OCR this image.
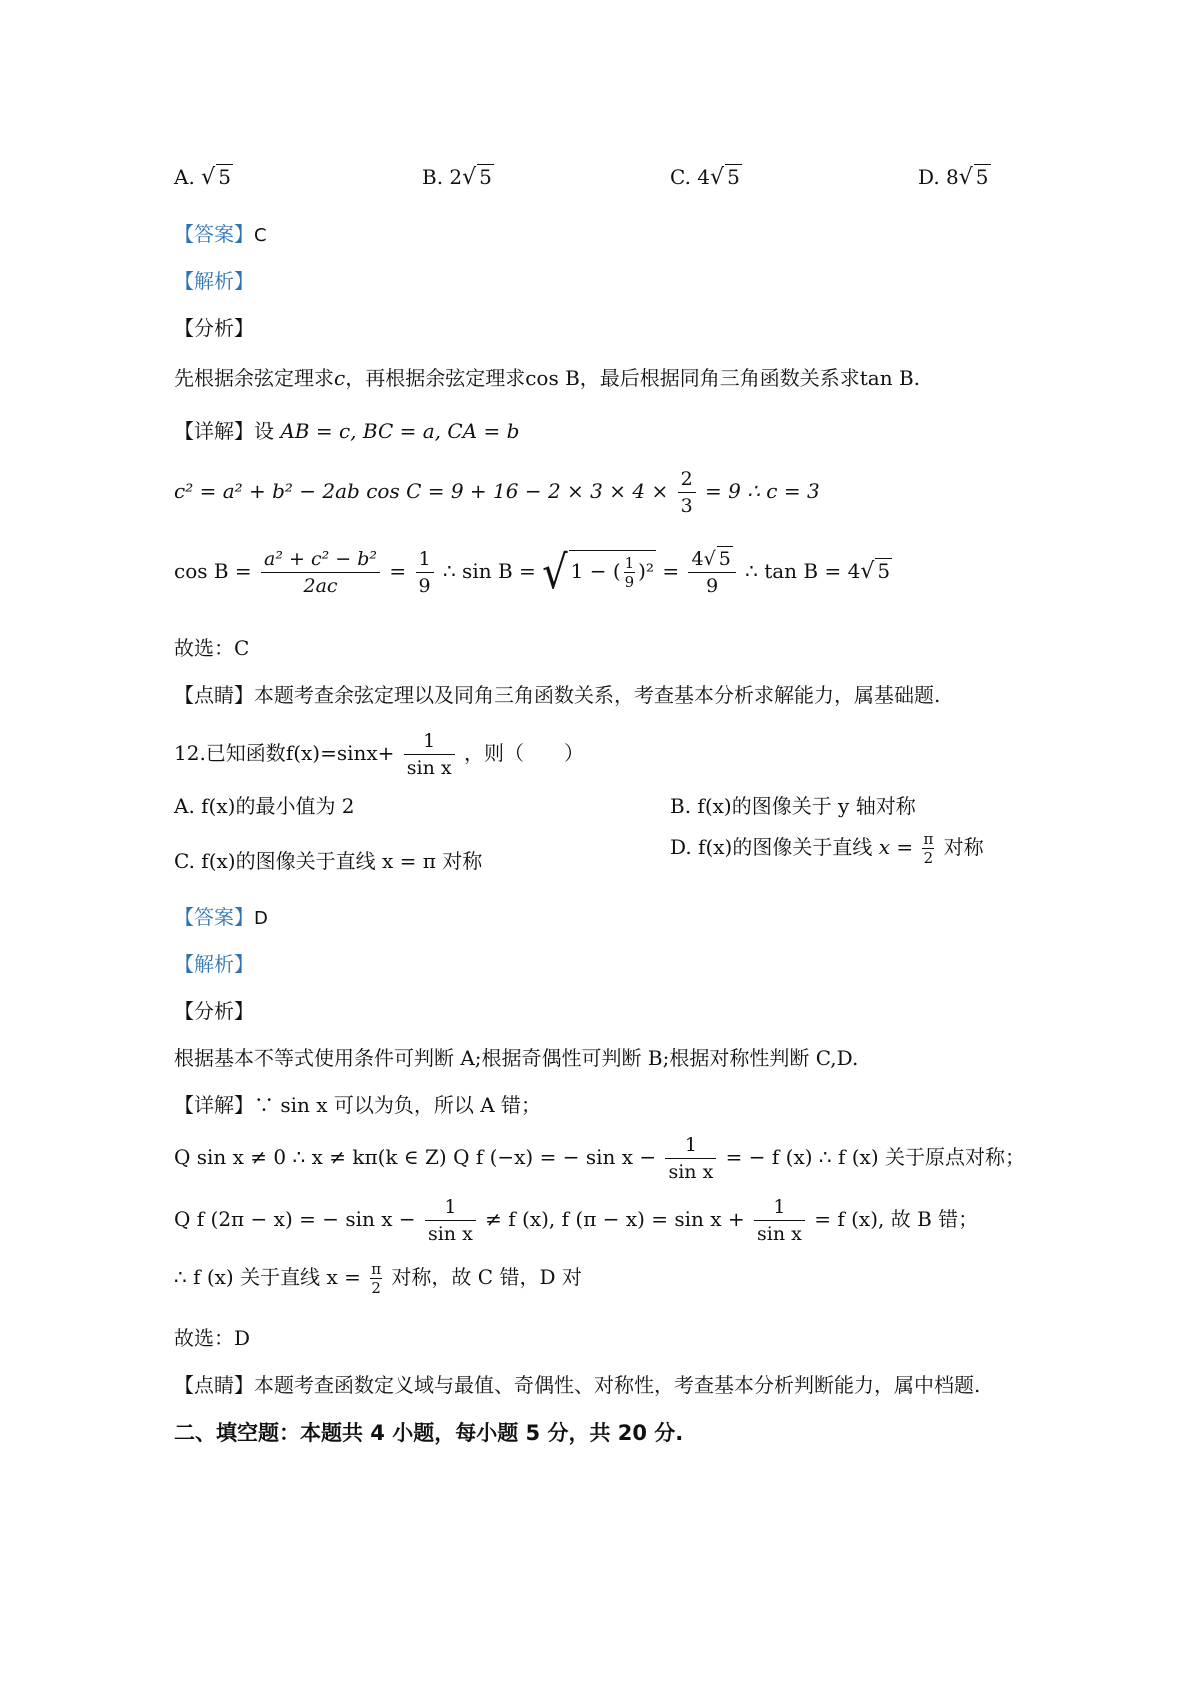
A. √ 5	B. 2√ 5	C. 4√ 5	D. 8√ 5
【答案】C
【解析】
【分析】
先根据余弦定理求c，再根据余弦定理求cos B，最后根据同角三角函数关系求tan B.
【详解】设 AB = c, BC = a, CA = b
c² = a² + b² − 2ab $\cos C = 9 + 16 - 2 \times 3 \times 4 \times \frac{2}{3} = 9$ ∴ c = 3
$\cos B = \frac{\text{a² + c² − b²}}{2ac} = \frac{1}{9}$ ∴ sin B = √ 1 − ( $\frac{1}{9} )^2 = \frac{4√ 5}{9}$ ∴ tan B = 4√ 5
故选：C
【点睛】本题考查余弦定理以及同角三角函数关系，考查基本分析求解能力，属基础题.
12.已知函数$f(x)=\sin x+ \frac{1}{\text{sin x}}$ ，则（　　）
A. f(x)的最小值为 2	B. f(x)的图像关于 y 轴对称
C. f(x)的图像关于直线 x = π 对称
D. f(x)的图像关于直线 $x = \frac{\pi}{2}$ 对称
【答案】D
【解析】
【分析】
根据基本不等式使用条件可判断 A;根据奇偶性可判断 B;根据对称性判断 C,D.
【详解】∵ sin x 可以为负，所以 A 错；
Q sin x ≠ 0 ∴ x ≠ kπ(k ∈ Z) Q f (−x) = − $\sin x - \frac{1}{\text{sin x}}$ = − f (x) ∴ f (x) 关于原点对称；
Q f (2π − x) = − $\sin x - \frac{1}{\text{sin x}} \ne f$ (x), f $(\pi - x) = \sin x + \frac{1}{\text{sin x}} = f$ (x), 故 B 错；
∴ f (x) 关于直线 $x = \frac{\pi}{2}$ 对称，故 C 错，D 对
故选：D
【点睛】本题考查函数定义域与最值、奇偶性、对称性，考查基本分析判断能力，属中档题.
二、填空题：本题共 4 小题，每小题 5 分，共 20 分.
